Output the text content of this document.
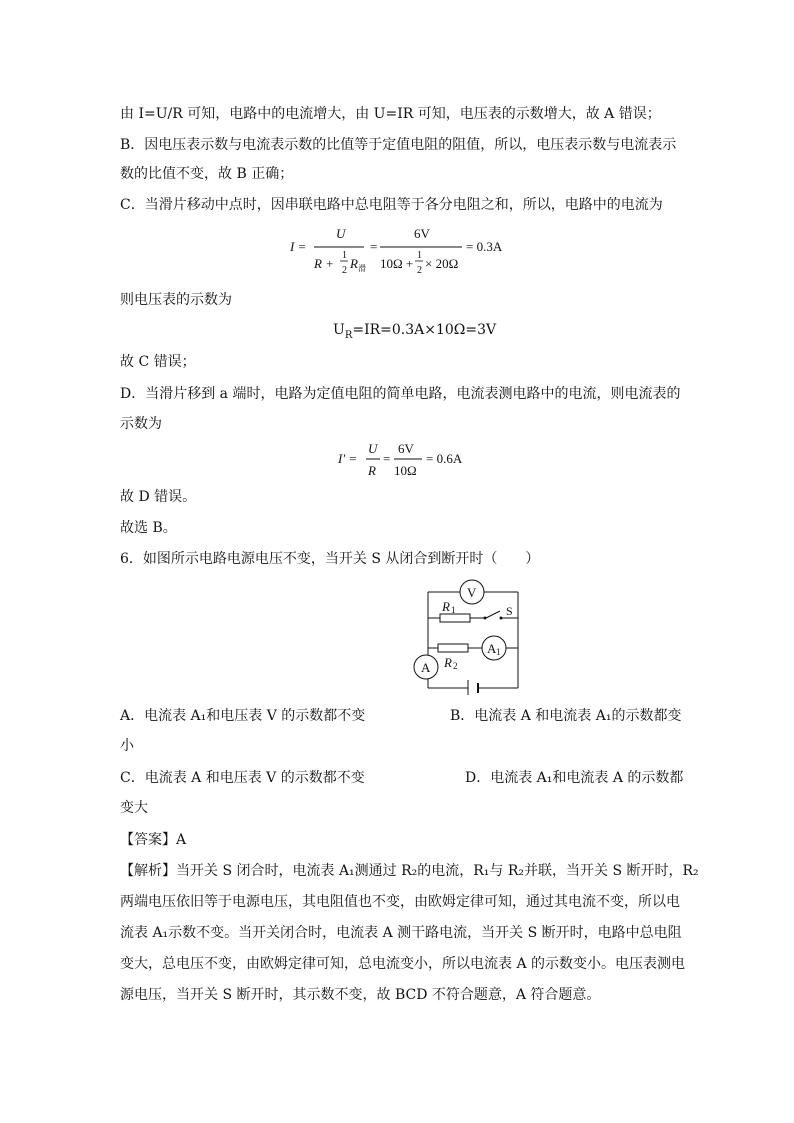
由 I=U/R 可知，电路中的电流增大，由 U=IR 可知，电压表的示数增大，故 A 错误；
B．因电压表示数与电流表示数的比值等于定值电阻的阻值，所以，电压表示数与电流表示
数的比值不变，故 B 正确；
C．当滑片移动中点时，因串联电路中总电阻等于各分电阻之和，所以，电路中的电流为
I =
U
R +
1
2 R 滑
=
6V
10Ω +
1
2 × 20Ω
= 0.3A
则电压表的示数为
$U_R=IR=0.3A\times 10\Omega=3V$
故 C 错误；
D．当滑片移到 a 端时，电路为定值电阻的简单电路，电流表测电路中的电流，则电流表的
示数为
I′ =
U
R
=
6V
10Ω
= 0.6A
故 D 错误。
故选 B。
6．如图所示电路电源电压不变，当开关 S 从闭合到断开时（　　）
V
R 1	S
R 2
A 1
A
A．电流表 A₁和电压表 V 的示数都不变	B．电流表 A 和电流表 A₁的示数都变
小
C．电流表 A 和电压表 V 的示数都不变	D．电流表 A₁和电流表 A 的示数都
变大
【答案】A
【解析】当开关 S 闭合时，电流表 A₁测通过 R₂的电流，R₁与 R₂并联，当开关 S 断开时，R₂
两端电压依旧等于电源电压，其电阻值也不变，由欧姆定律可知，通过其电流不变，所以电
流表 A₁示数不变。当开关闭合时，电流表 A 测干路电流，当开关 S 断开时，电路中总电阻
变大，总电压不变，由欧姆定律可知，总电流变小，所以电流表 A 的示数变小。电压表测电
源电压，当开关 S 断开时，其示数不变，故 BCD 不符合题意，A 符合题意。
